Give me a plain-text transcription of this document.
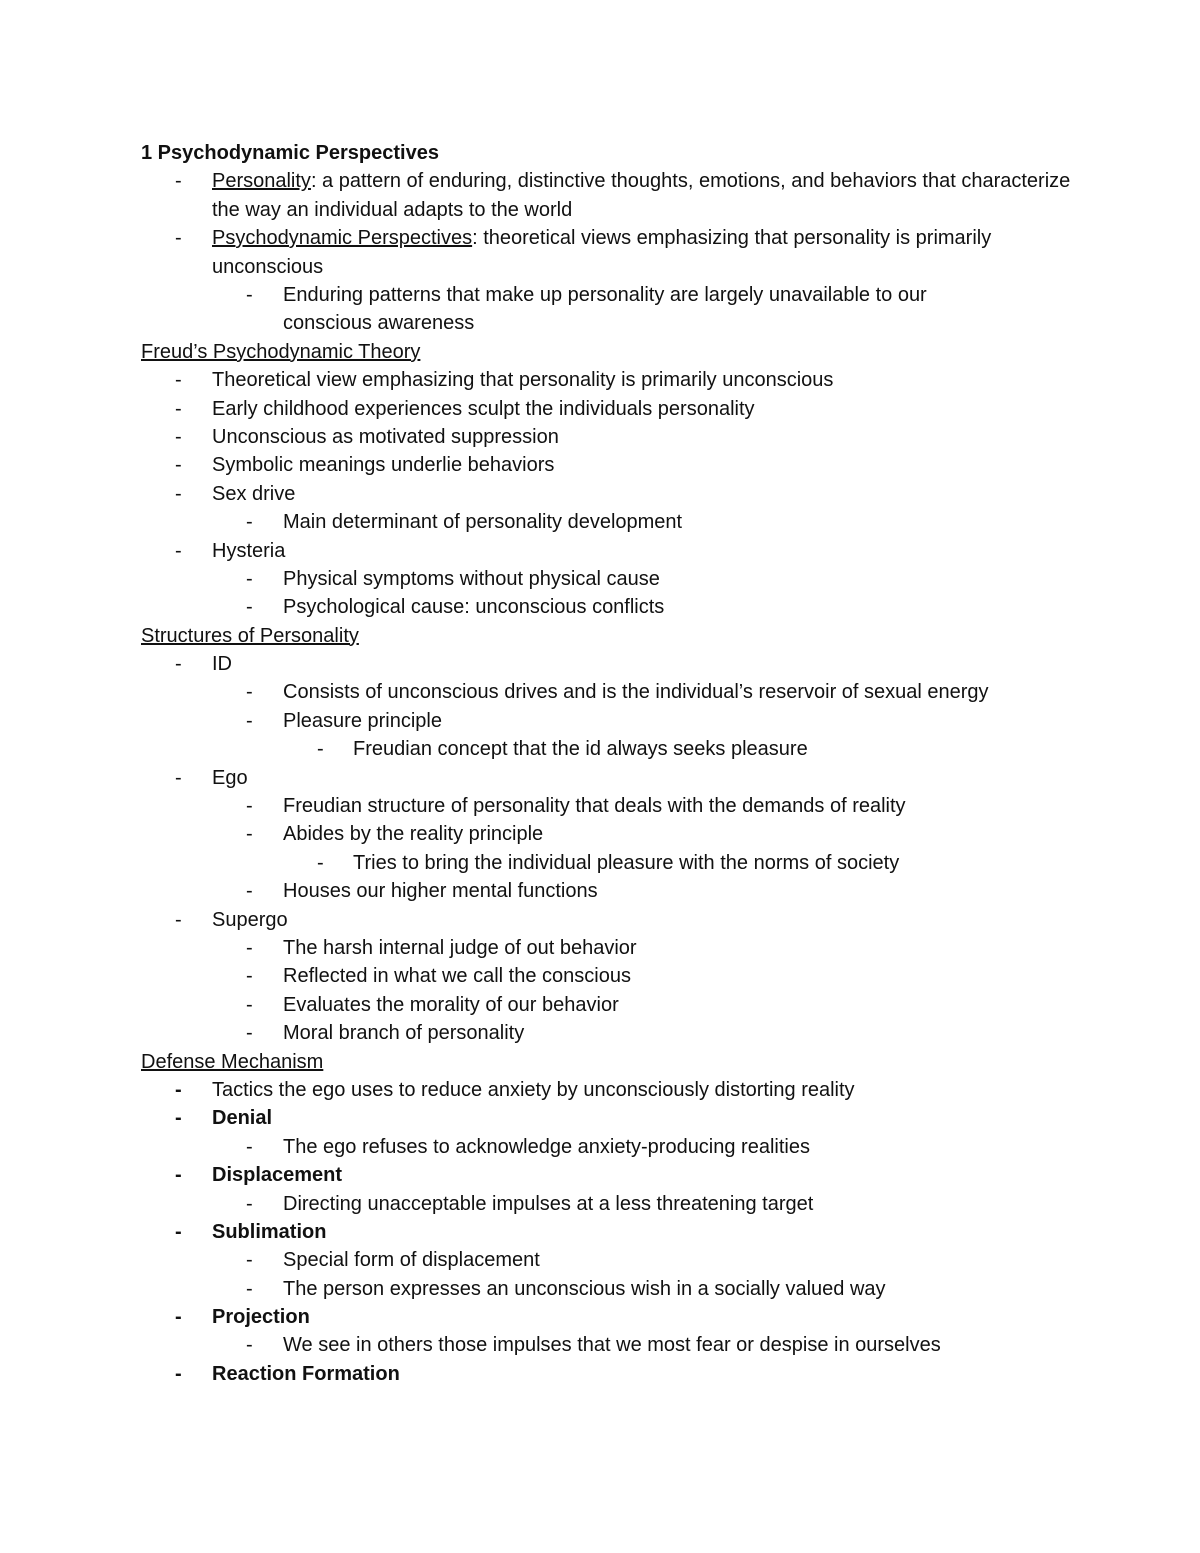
1 Psychodynamic Perspectives
- Personality: a pattern of enduring, distinctive thoughts, emotions, and behaviors that characterize the way an individual adapts to the world
- Psychodynamic Perspectives: theoretical views emphasizing that personality is primarily unconscious
- Enduring patterns that make up personality are largely unavailable to our conscious awareness
Freud’s Psychodynamic Theory
- Theoretical view emphasizing that personality is primarily unconscious
- Early childhood experiences sculpt the individuals personality
- Unconscious as motivated suppression
- Symbolic meanings underlie behaviors
- Sex drive
- Main determinant of personality development
- Hysteria
- Physical symptoms without physical cause
- Psychological cause: unconscious conflicts
Structures of Personality
- ID
- Consists of unconscious drives and is the individual’s reservoir of sexual energy
- Pleasure principle
- Freudian concept that the id always seeks pleasure
- Ego
- Freudian structure of personality that deals with the demands of reality
- Abides by the reality principle
- Tries to bring the individual pleasure with the norms of society
- Houses our higher mental functions
- Supergo
- The harsh internal judge of out behavior
- Reflected in what we call the conscious
- Evaluates the morality of our behavior
- Moral branch of personality
Defense Mechanism
- Tactics the ego uses to reduce anxiety by unconsciously distorting reality
- Denial
- The ego refuses to acknowledge anxiety-producing realities
- Displacement
- Directing unacceptable impulses at a less threatening target
- Sublimation
- Special form of displacement
- The person expresses an unconscious wish in a socially valued way
- Projection
- We see in others those impulses that we most fear or despise in ourselves
- Reaction Formation
